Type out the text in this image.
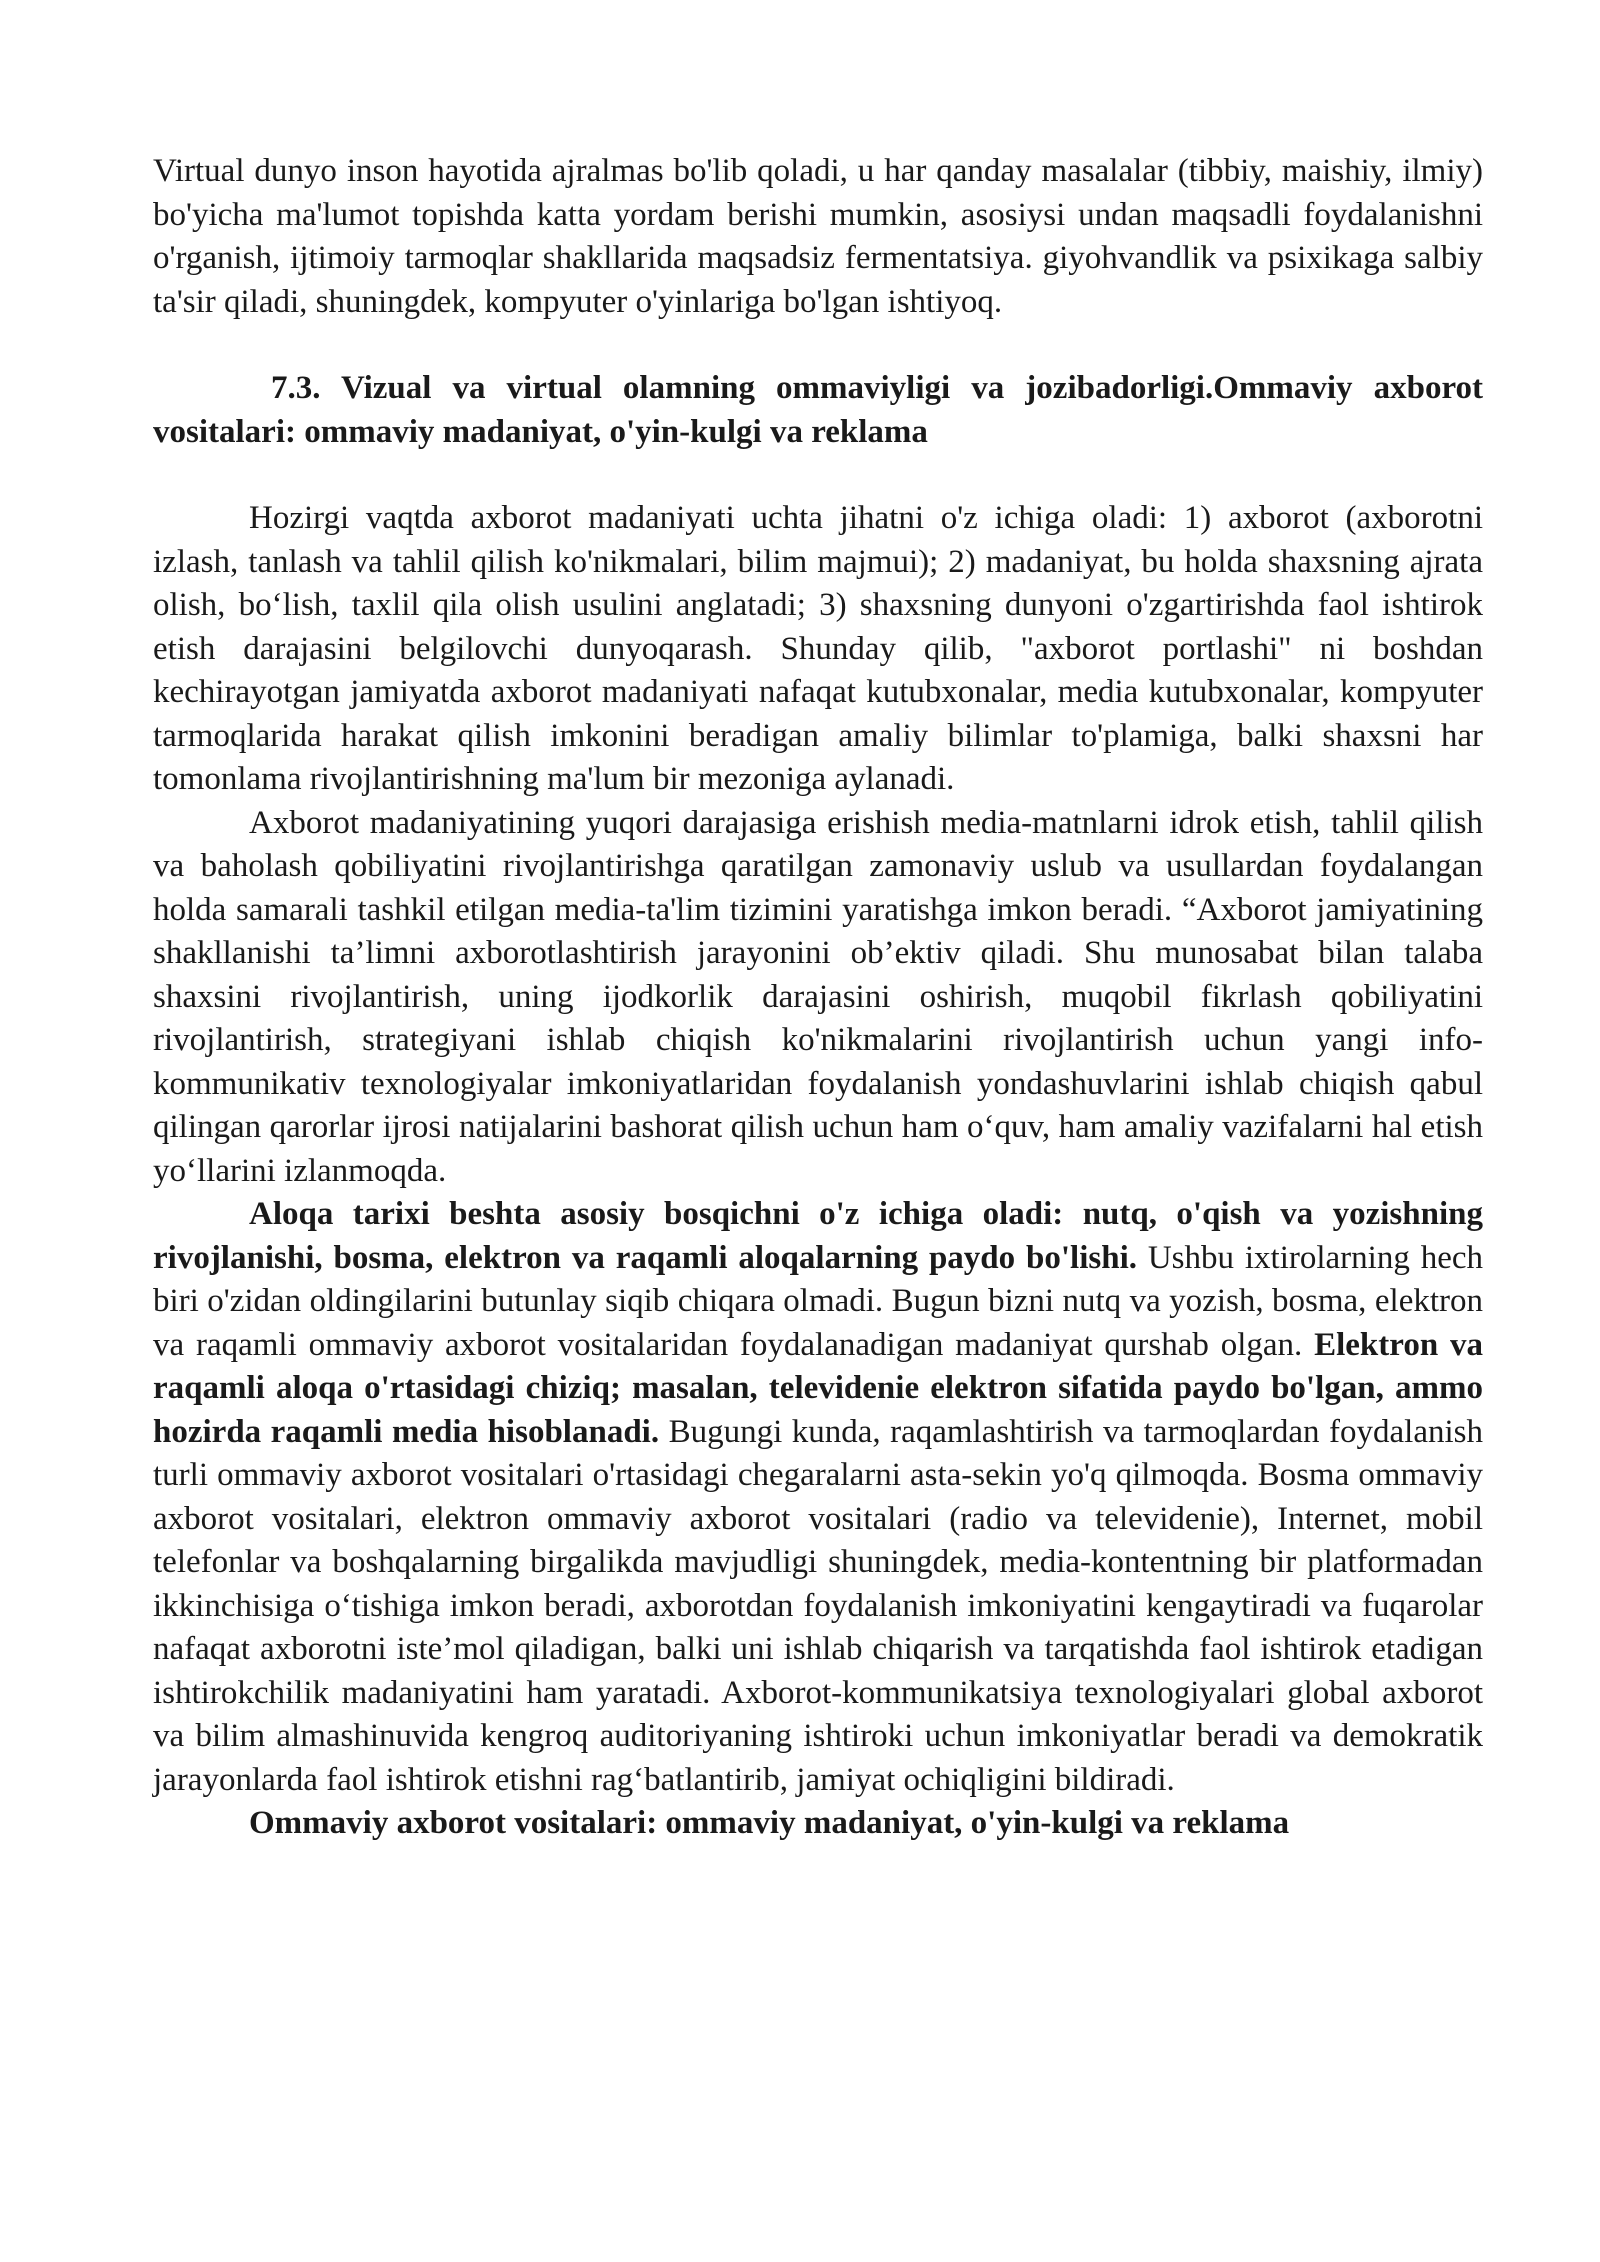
Virtual dunyo inson hayotida ajralmas bo'lib qoladi, u har qanday masalalar (tibbiy, maishiy, ilmiy) bo'yicha ma'lumot topishda katta yordam berishi mumkin, asosiysi undan maqsadli foydalanishni o'rganish, ijtimoiy tarmoqlar shakllarida maqsadsiz fermentatsiya. giyohvandlik va psixikaga salbiy ta'sir qiladi, shuningdek, kompyuter o'yinlariga bo'lgan ishtiyoq.

7.3. Vizual va virtual olamning ommaviyligi va jozibadorligi.Ommaviy axborot vositalari: ommaviy madaniyat, o'yin-kulgi va reklama

Hozirgi vaqtda axborot madaniyati uchta jihatni o'z ichiga oladi: 1) axborot (axborotni izlash, tanlash va tahlil qilish ko'nikmalari, bilim majmui); 2) madaniyat, bu holda shaxsning ajrata olish, bo‘lish, taxlil qila olish usulini anglatadi; 3) shaxsning dunyoni o'zgartirishda faol ishtirok etish darajasini belgilovchi dunyoqarash. Shunday qilib, "axborot portlashi" ni boshdan kechirayotgan jamiyatda axborot madaniyati nafaqat kutubxonalar, media kutubxonalar, kompyuter tarmoqlarida harakat qilish imkonini beradigan amaliy bilimlar to'plamiga, balki shaxsni har tomonlama rivojlantirishning ma'lum bir mezoniga aylanadi.

Axborot madaniyatining yuqori darajasiga erishish media-matnlarni idrok etish, tahlil qilish va baholash qobiliyatini rivojlantirishga qaratilgan zamonaviy uslub va usullardan foydalangan holda samarali tashkil etilgan media-ta'lim tizimini yaratishga imkon beradi. “Axborot jamiyatining shakllanishi ta’limni axborotlashtirish jarayonini ob’ektiv qiladi. Shu munosabat bilan talaba shaxsini rivojlantirish, uning ijodkorlik darajasini oshirish, muqobil fikrlash qobiliyatini rivojlantirish, strategiyani ishlab chiqish ko'nikmalarini rivojlantirish uchun yangi info-kommunikativ texnologiyalar imkoniyatlaridan foydalanish yondashuvlarini ishlab chiqish qabul qilingan qarorlar ijrosi natijalarini bashorat qilish uchun ham o‘quv, ham amaliy vazifalarni hal etish yo‘llarini izlanmoqda.

Aloqa tarixi beshta asosiy bosqichni o'z ichiga oladi: nutq, o'qish va yozishning rivojlanishi, bosma, elektron va raqamli aloqalarning paydo bo'lishi. Ushbu ixtirolarning hech biri o'zidan oldingilarini butunlay siqib chiqara olmadi. Bugun bizni nutq va yozish, bosma, elektron va raqamli ommaviy axborot vositalaridan foydalanadigan madaniyat qurshab olgan. Elektron va raqamli aloqa o'rtasidagi chiziq; masalan, televidenie elektron sifatida paydo bo'lgan, ammo hozirda raqamli media hisoblanadi. Bugungi kunda, raqamlashtirish va tarmoqlardan foydalanish turli ommaviy axborot vositalari o'rtasidagi chegaralarni asta-sekin yo'q qilmoqda. Bosma ommaviy axborot vositalari, elektron ommaviy axborot vositalari (radio va televidenie), Internet, mobil telefonlar va boshqalarning birgalikda mavjudligi shuningdek, media-kontentning bir platformadan ikkinchisiga o‘tishiga imkon beradi, axborotdan foydalanish imkoniyatini kengaytiradi va fuqarolar nafaqat axborotni iste’mol qiladigan, balki uni ishlab chiqarish va tarqatishda faol ishtirok etadigan ishtirokchilik madaniyatini ham yaratadi. Axborot-kommunikatsiya texnologiyalari global axborot va bilim almashinuvida kengroq auditoriyaning ishtiroki uchun imkoniyatlar beradi va demokratik jarayonlarda faol ishtirok etishni rag‘batlantirib, jamiyat ochiqligini bildiradi.

Ommaviy axborot vositalari: ommaviy madaniyat, o'yin-kulgi va reklama
